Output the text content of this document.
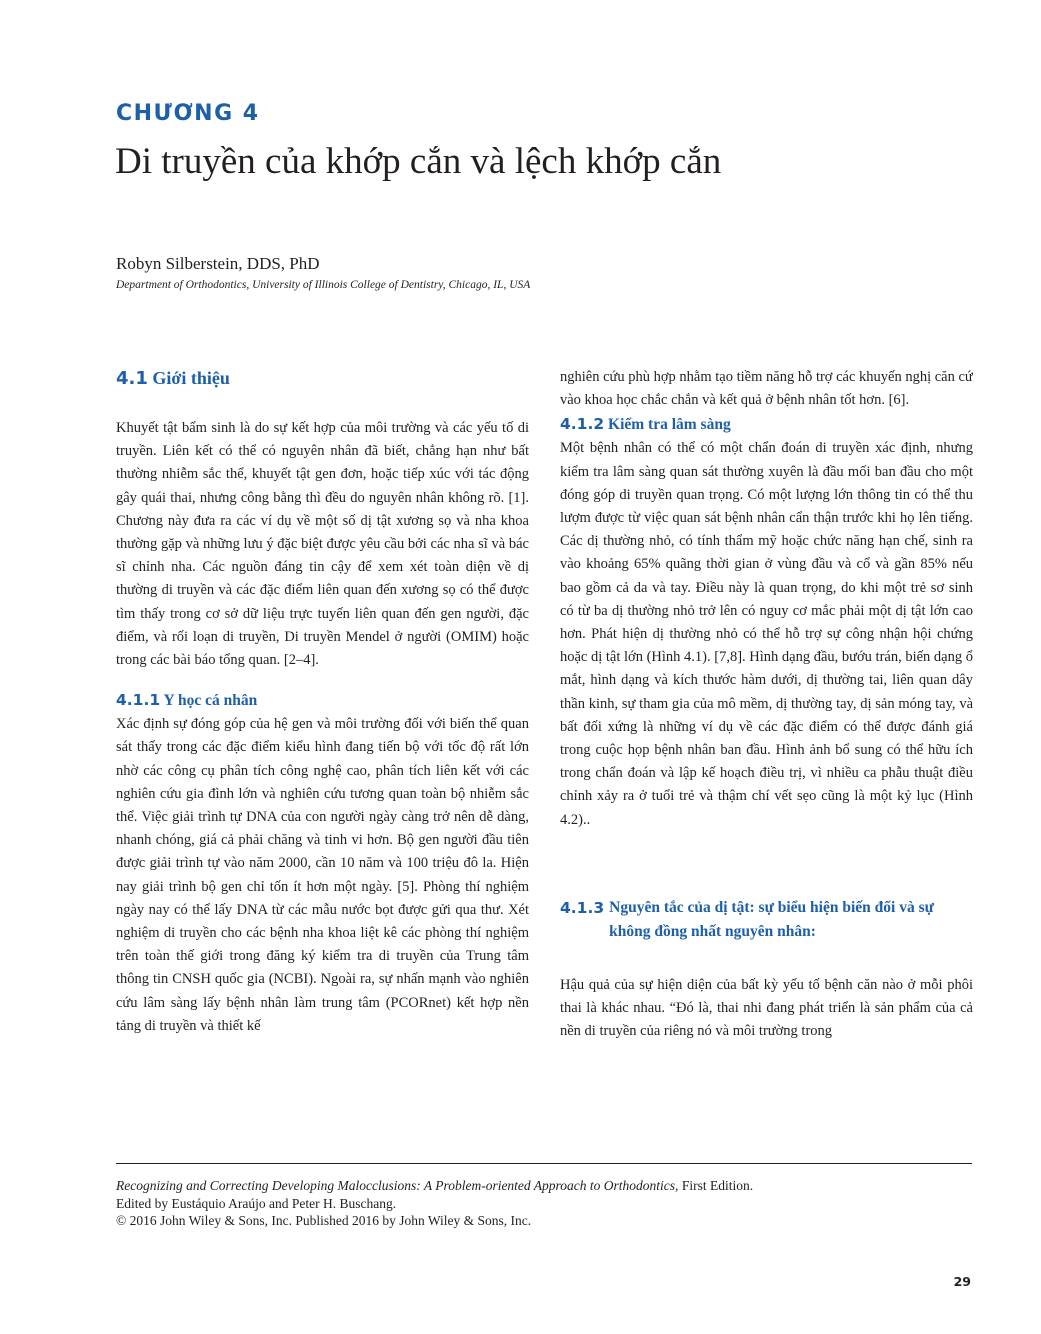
CHƯƠNG 4
Di truyền của khớp cắn và lệch khớp cắn
Robyn Silberstein, DDS, PhD
Department of Orthodontics, University of Illinois College of Dentistry, Chicago, IL, USA
4.1 Giới thiệu

Khuyết tật bẩm sinh là do sự kết hợp của môi trường và các yếu tố di truyền. Liên kết có thể có nguyên nhân đã biết, chẳng hạn như bất thường nhiễm sắc thể, khuyết tật gen đơn, hoặc tiếp xúc với tác động gây quái thai, nhưng công bằng thì đều do nguyên nhân không rõ. [1]. Chương này đưa ra các ví dụ về một số dị tật xương sọ và nha khoa thường gặp và những lưu ý đặc biệt được yêu cầu bởi các nha sĩ và bác sĩ chỉnh nha. Các nguồn đáng tin cậy để xem xét toàn diện về dị thường di truyền và các đặc điểm liên quan đến xương sọ có thể được tìm thấy trong cơ sở dữ liệu trực tuyến liên quan đến gen người, đặc điểm, và rối loạn di truyền, Di truyền Mendel ở người (OMIM) hoặc trong các bài báo tổng quan. [2–4].

4.1.1 Y học cá nhân

Xác định sự đóng góp của hệ gen và môi trường đối với biến thể quan sát thấy trong các đặc điểm kiểu hình đang tiến bộ với tốc độ rất lớn nhờ các công cụ phân tích công nghệ cao, phân tích liên kết với các nghiên cứu gia đình lớn và nghiên cứu tương quan toàn bộ nhiễm sắc thể. Việc giải trình tự DNA của con người ngày càng trở nên dễ dàng, nhanh chóng, giá cả phải chăng và tinh vi hơn. Bộ gen người đầu tiên được giải trình tự vào năm 2000, cần 10 năm và 100 triệu đô la. Hiện nay giải trình bộ gen chỉ tốn ít hơn một ngày. [5]. Phòng thí nghiệm ngày nay có thể lấy DNA từ các mẫu nước bọt được gửi qua thư. Xét nghiệm di truyền cho các bệnh nha khoa liệt kê các phòng thí nghiệm trên toàn thế giới trong đăng ký kiểm tra di truyền của Trung tâm thông tin CNSH quốc gia (NCBI). Ngoài ra, sự nhấn mạnh vào nghiên cứu lâm sàng lấy bệnh nhân làm trung tâm (PCORnet) kết hợp nền tảng di truyền và thiết kế

nghiên cứu phù hợp nhằm tạo tiềm năng hỗ trợ các khuyến nghị căn cứ vào khoa học chắc chắn và kết quả ở bệnh nhân tốt hơn. [6].

4.1.2 Kiểm tra lâm sàng

Một bệnh nhân có thể có một chẩn đoán di truyền xác định, nhưng kiểm tra lâm sàng quan sát thường xuyên là đầu mối ban đầu cho một đóng góp di truyền quan trọng. Có một lượng lớn thông tin có thể thu lượm được từ việc quan sát bệnh nhân cẩn thận trước khi họ lên tiếng. Các dị thường nhỏ, có tính thẩm mỹ hoặc chức năng hạn chế, sinh ra vào khoảng 65% quãng thời gian ở vùng đầu và cổ và gần 85% nếu bao gồm cả da và tay. Điều này là quan trọng, do khi một trẻ sơ sinh có từ ba dị thường nhỏ trở lên có nguy cơ mắc phải một dị tật lớn cao hơn. Phát hiện dị thường nhỏ có thể hỗ trợ sự công nhận hội chứng hoặc dị tật lớn (Hình 4.1). [7,8]. Hình dạng đầu, bướu trán, biến dạng ổ mắt, hình dạng và kích thước hàm dưới, dị thường tai, liên quan dây thần kinh, sự tham gia của mô mềm, dị thường tay, dị sản móng tay, và bất đối xứng là những ví dụ về các đặc điểm có thể được đánh giá trong cuộc họp bệnh nhân ban đầu. Hình ảnh bổ sung có thể hữu ích trong chẩn đoán và lập kế hoạch điều trị, vì nhiều ca phẫu thuật điều chỉnh xảy ra ở tuổi trẻ và thậm chí vết sẹo cũng là một kỷ lục (Hình 4.2)..

4.1.3 Nguyên tắc của dị tật: sự biểu hiện biến đổi và sự không đồng nhất nguyên nhân:

Hậu quả của sự hiện diện của bất kỳ yếu tố bệnh căn nào ở mỗi phôi thai là khác nhau. “Đó là, thai nhi đang phát triển là sản phẩm của cả nền di truyền của riêng nó và môi trường trong

Recognizing and Correcting Developing Malocclusions: A Problem-oriented Approach to Orthodontics, First Edition.

Edited by Eustáquio Araújo and Peter H. Buschang.

© 2016 John Wiley & Sons, Inc. Published 2016 by John Wiley & Sons, Inc.

29
